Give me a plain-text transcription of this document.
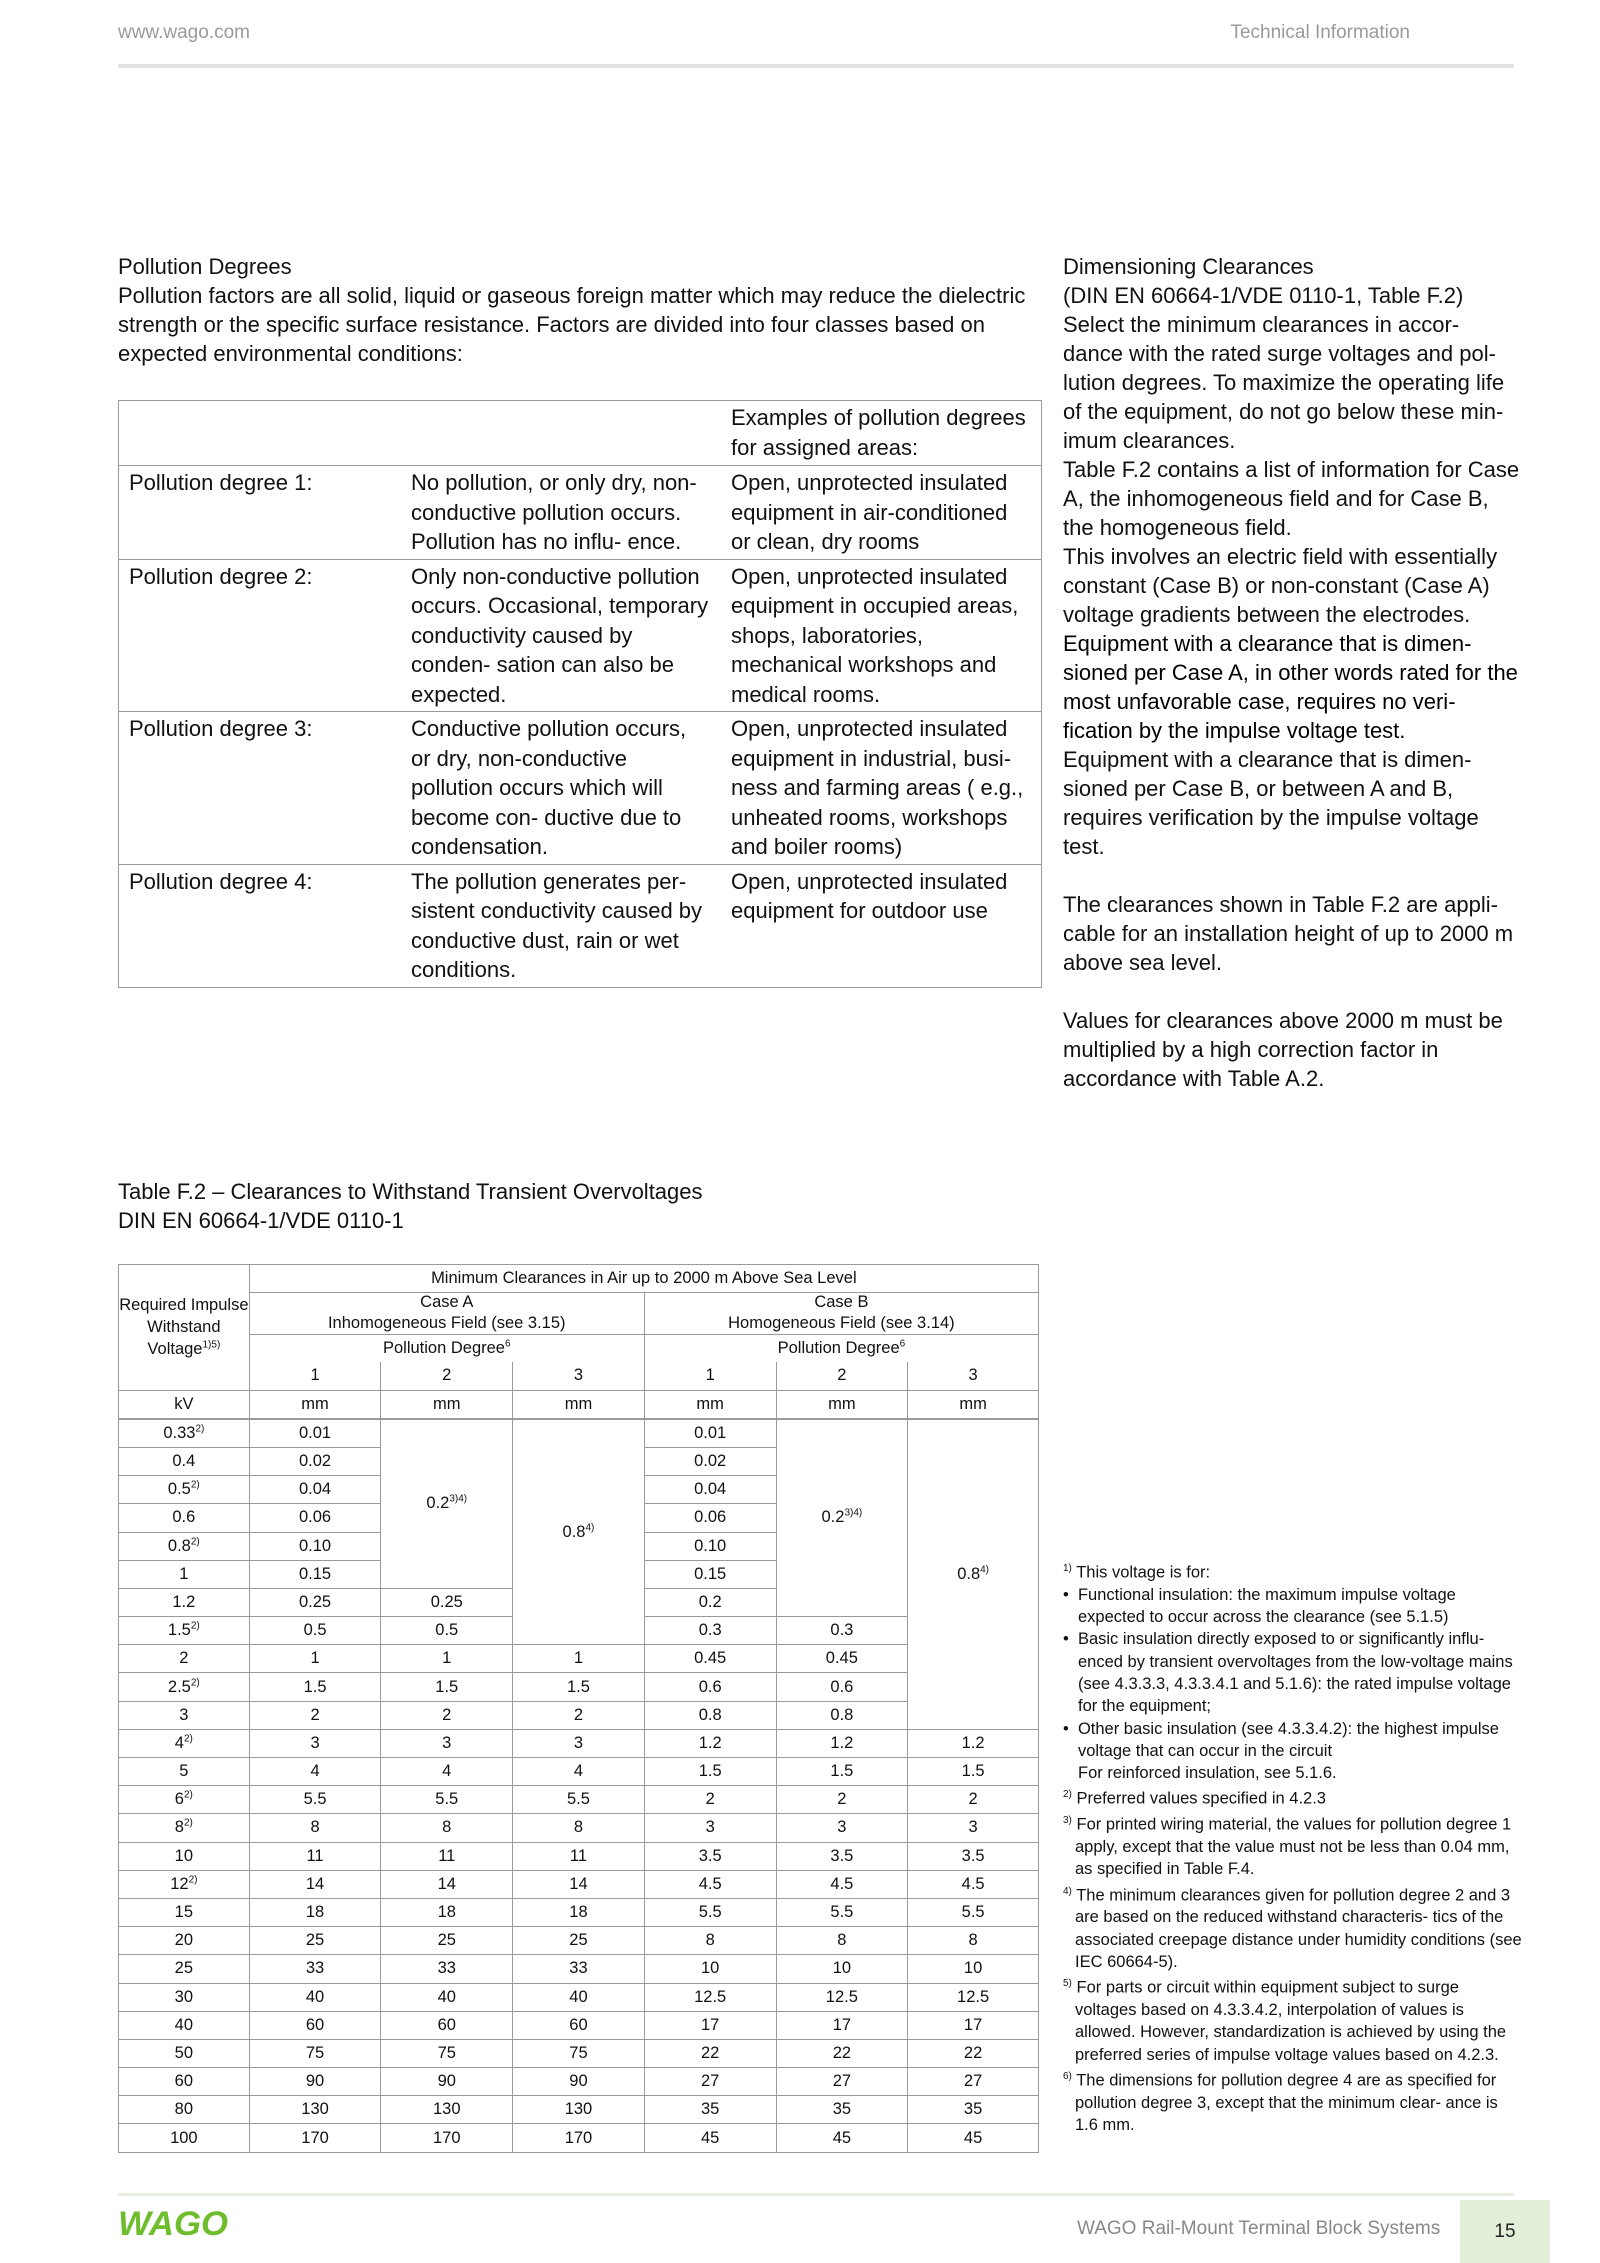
www.wago.com	Technical Information

Pollution Degrees

Pollution factors are all solid, liquid or gaseous foreign matter which may reduce the dielectric strength or the specific surface resistance. Factors are divided into four classes based on expected environmental conditions:

		Examples of pollution degrees for assigned areas:
Pollution degree 1:	No pollution, or only dry, non-conductive pollution occurs. Pollution has no influ- ence.	Open, unprotected insulated equipment in air-conditioned or clean, dry rooms
Pollution degree 2:	Only non-conductive pollution occurs. Occasional, temporary conductivity caused by conden- sation can also be expected.	Open, unprotected insulated equipment in occupied areas, shops, laboratories, mechanical workshops and medical rooms.
Pollution degree 3:	Conductive pollution occurs, or dry, non-conductive pollution occurs which will become con- ductive due to condensation.	Open, unprotected insulated equipment in industrial, busi- ness and farming areas ( e.g., unheated rooms, workshops and boiler rooms)
Pollution degree 4:	The pollution generates per- sistent conductivity caused by conductive dust, rain or wet conditions.	Open, unprotected insulated equipment for outdoor use

Dimensioning Clearances

(DIN EN 60664-1/VDE 0110-1, Table F.2)

Select the minimum clearances in accor- dance with the rated surge voltages and pol- lution degrees. To maximize the operating life of the equipment, do not go below these min- imum clearances.

Table F.2 contains a list of information for Case A, the inhomogeneous field and for Case B, the homogeneous field.

This involves an electric field with essentially constant (Case B) or non-constant (Case A) voltage gradients between the electrodes.

Equipment with a clearance that is dimen- sioned per Case A, in other words rated for the most unfavorable case, requires no veri- fication by the impulse voltage test.

Equipment with a clearance that is dimen- sioned per Case B, or between A and B, requires verification by the impulse voltage test.

The clearances shown in Table F.2 are appli- cable for an installation height of up to 2000 m above sea level.

Values for clearances above 2000 m must be multiplied by a high correction factor in accordance with Table A.2.

Table F.2 – Clearances to Withstand Transient Overvoltages
DIN EN 60664-1/VDE 0110-1
Required Impulse Withstand Voltage$^{1)5)}$	Minimum Clearances in Air up to 2000 m Above Sea Level					
	Case A			Case B		
	Inhomogeneous Field (see 3.15)			Homogeneous Field (see 3.14)		
	Pollution Degree$^6$			Pollution Degree$^6$
	1	2	3	1	2	3
kV	mm	mm	mm	mm	mm	mm
0.33$^{2)}$	0.01	$0.2^{3)4)}$	0.8$^{4)}$	0.01	$0.2^{3)4)}$	0.8$^{4)}$
0.4	0.02			0.02		
0.5$^{2)}$	0.04			0.04		
0.6	0.06			0.06		
0.8$^{2)}$	0.10			0.10		
1	0.15			0.15		
1.2	0.25	0.25		0.2		
1.5$^{2)}$	0.5	0.5		0.3	0.3	
2	1	1	1	0.45	0.45	
2.5$^{2)}$	1.5	1.5	1.5	0.6	0.6	
3	2	2	2	0.8	0.8	
4$^{2)}$	3	3	3	1.2	1.2	1.2
5	4	4	4	1.5	1.5	1.5
6$^{2)}$	5.5	5.5	5.5	2	2	2
8$^{2)}$	8	8	8	3	3	3
10	11	11	11	3.5	3.5	3.5
12$^{2)}$	14	14	14	4.5	4.5	4.5
15	18	18	18	5.5	5.5	5.5
20	25	25	25	8	8	8
25	33	33	33	10	10	10
30	40	40	40	12.5	12.5	12.5
40	60	60	60	17	17	17
50	75	75	75	22	22	22
60	90	90	90	27	27	27
80	130	130	130	35	35	35
100	170	170	170	45	45	45
$^{1)}$ This voltage is for:
•  Functional insulation: the maximum impulse voltage expected to occur across the clearance (see 5.1.5)
•  Basic insulation directly exposed to or significantly influ- enced by transient overvoltages from the low-voltage mains (see 4.3.3.3, 4.3.3.4.1 and 5.1.6): the rated impulse voltage for the equipment;
•  Other basic insulation (see 4.3.3.4.2): the highest impulse voltage that can occur in the circuit
For reinforced insulation, see 5.1.6.
$^{2)}$ Preferred values specified in 4.2.3
$^{3)}$ For printed wiring material, the values for pollution degree 1 apply, except that the value must not be less than 0.04 mm, as specified in Table F.4.
$^{4)}$ The minimum clearances given for pollution degree 2 and 3 are based on the reduced withstand characteris- tics of the associated creepage distance under humidity conditions (see IEC 60664-5).
$^{5)}$ For parts or circuit within equipment subject to surge voltages based on 4.3.3.4.2, interpolation of values is allowed. However, standardization is achieved by using the preferred series of impulse voltage values based on 4.2.3.
$^{6)}$ The dimensions for pollution degree 4 are as specified for pollution degree 3, except that the minimum clear- ance is 1.6 mm.
WAGO	WAGO Rail-Mount Terminal Block Systems	15
